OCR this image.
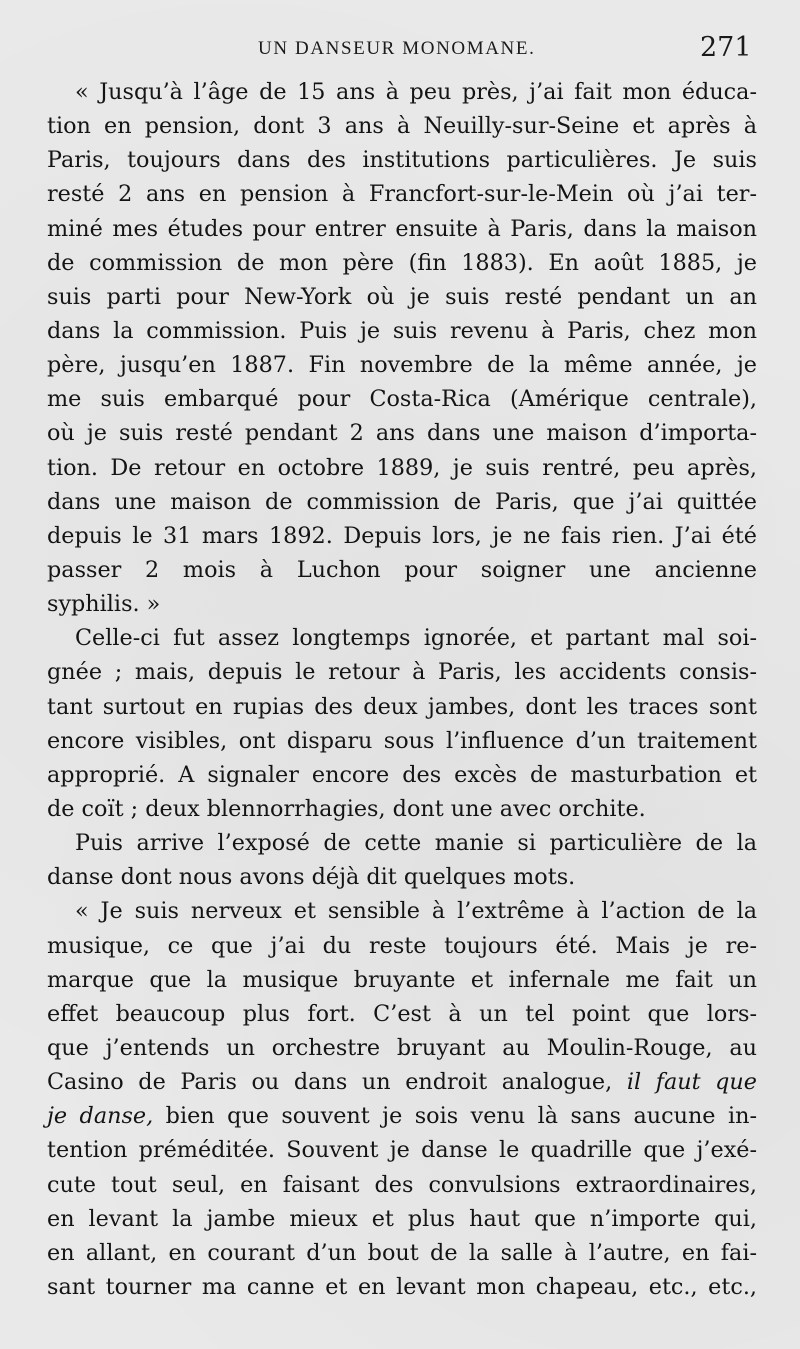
UN DANSEUR MONOMANE.	271
« Jusqu’à l’âge de 15 ans à peu près, j’ai fait mon éduca-
tion en pension, dont 3 ans à Neuilly-sur-Seine et après à
Paris, toujours dans des institutions particulières. Je suis
resté 2 ans en pension à Francfort-sur-le-Mein où j’ai ter-
miné mes études pour entrer ensuite à Paris, dans la maison
de commission de mon père (fin 1883). En août 1885, je
suis parti pour New-York où je suis resté pendant un an
dans la commission. Puis je suis revenu à Paris, chez mon
père, jusqu’en 1887. Fin novembre de la même année, je
me suis embarqué pour Costa-Rica (Amérique centrale),
où je suis resté pendant 2 ans dans une maison d’importa-
tion. De retour en octobre 1889, je suis rentré, peu après,
dans une maison de commission de Paris, que j’ai quittée
depuis le 31 mars 1892. Depuis lors, je ne fais rien. J’ai été
passer 2 mois à Luchon pour soigner une ancienne
syphilis. »
Celle-ci fut assez longtemps ignorée, et partant mal soi-
gnée ; mais, depuis le retour à Paris, les accidents consis-
tant surtout en rupias des deux jambes, dont les traces sont
encore visibles, ont disparu sous l’influence d’un traitement
approprié. A signaler encore des excès de masturbation et
de coït ; deux blennorrhagies, dont une avec orchite.
Puis arrive l’exposé de cette manie si particulière de la
danse dont nous avons déjà dit quelques mots.
« Je suis nerveux et sensible à l’extrême à l’action de la
musique, ce que j’ai du reste toujours été. Mais je re-
marque que la musique bruyante et infernale me fait un
effet beaucoup plus fort. C’est à un tel point que lors-
que j’entends un orchestre bruyant au Moulin-Rouge, au
Casino de Paris ou dans un endroit analogue, il faut que
je danse, bien que souvent je sois venu là sans aucune in-
tention préméditée. Souvent je danse le quadrille que j’exé-
cute tout seul, en faisant des convulsions extraordinaires,
en levant la jambe mieux et plus haut que n’importe qui,
en allant, en courant d’un bout de la salle à l’autre, en fai-
sant tourner ma canne et en levant mon chapeau, etc., etc.,
